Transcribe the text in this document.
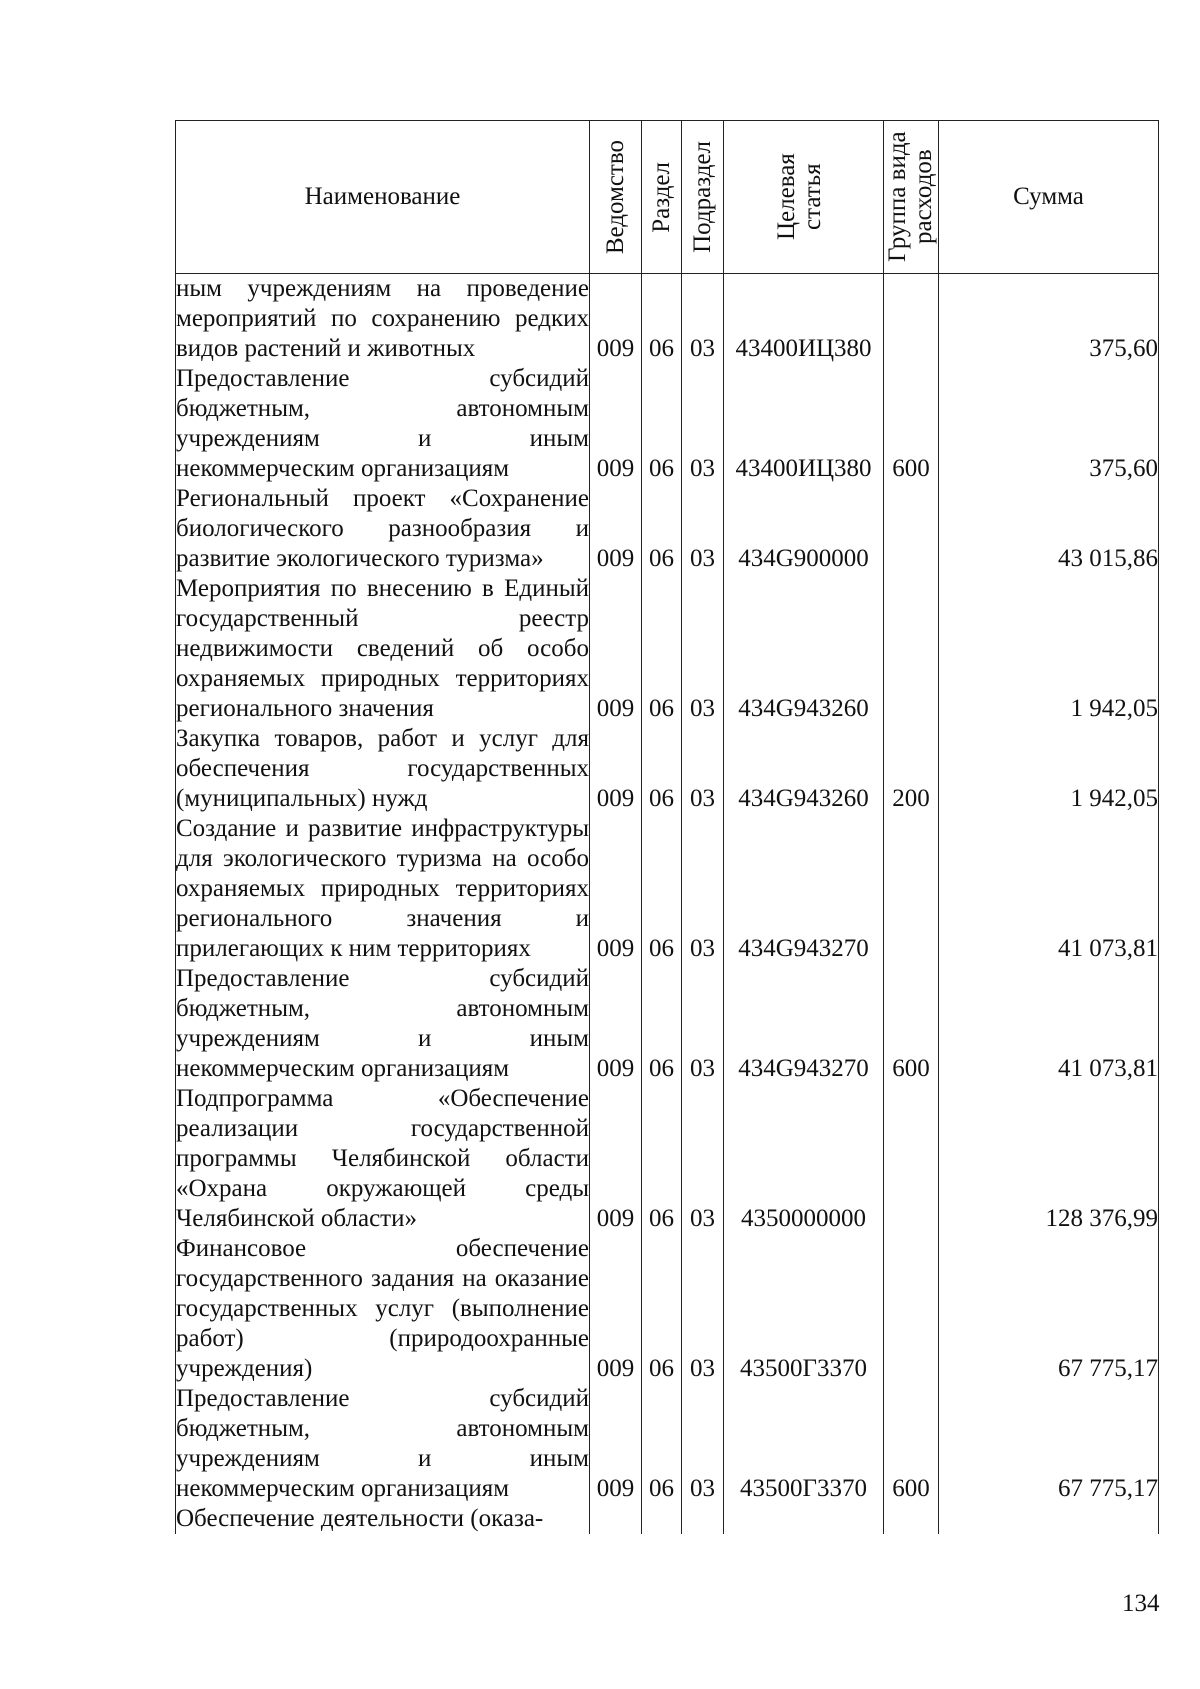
Наименование	Ведомство	Раздел	Подраздел	Целевая статья	Группа вида расходов	Сумма
ным учреждениям на проведение мероприятий по сохранению редких видов растений и животных	009	06	03	43400ИЦ380		375,60
Предоставление субсидий бюджетным, автономным учреждениям и иным некоммерческим организациям	009	06	03	43400ИЦ380	600	375,60
Региональный проект «Сохранение биологического разнообразия и развитие экологического туризма»	009	06	03	434G900000		43 015,86
Мероприятия по внесению в Единый государственный реестр недвижимости сведений об особо охраняемых природных территориях регионального значения	009	06	03	434G943260		1 942,05
Закупка товаров, работ и услуг для обеспечения государственных (муниципальных) нужд	009	06	03	434G943260	200	1 942,05
Создание и развитие инфраструктуры для экологического туризма на особо охраняемых природных территориях регионального значения и прилегающих к ним территориях	009	06	03	434G943270		41 073,81
Предоставление субсидий бюджетным, автономным учреждениям и иным некоммерческим организациям	009	06	03	434G943270	600	41 073,81
Подпрограмма «Обеспечение реализации государственной программы Челябинской области «Охрана окружающей среды Челябинской области»	009	06	03	4350000000		128 376,99
Финансовое обеспечение государственного задания на оказание государственных услуг (выполнение работ) (природоохранные учреждения)	009	06	03	43500Г3370		67 775,17
Предоставление субсидий бюджетным, автономным учреждениям и иным некоммерческим организациям	009	06	03	43500Г3370	600	67 775,17
Обеспечение деятельности (оказа-						
134
